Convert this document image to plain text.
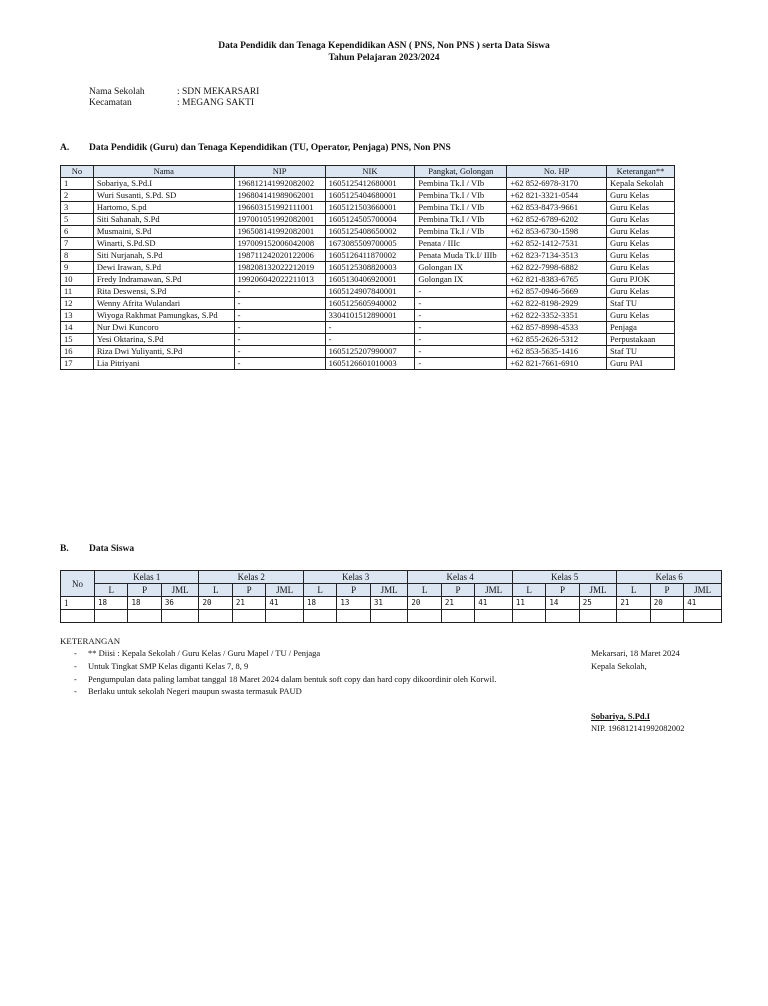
Data Pendidik dan Tenaga Kependidikan ASN ( PNS, Non PNS ) serta Data Siswa
Tahun Pelajaran 2023/2024
Nama Sekolah	: SDN MEKARSARI
Kecamatan	: MEGANG SAKTI
A. Data Pendidik (Guru) dan Tenaga Kependidikan (TU, Operator, Penjaga) PNS, Non PNS
No	Nama	NIP	NIK	Pangkat, Golongan	No. HP	Keterangan**
1	Sobariya, S.Pd.I	196812141992082002	1605125412680001	Pembina Tk.I / VIb	+62 852-6978-3170	Kepala Sekolah
2	Wuri Susanti, S.Pd. SD	196804141989062001	1605125404680001	Pembina Tk.I / VIb	+62 821-3321-0544	Guru Kelas
3	Hartomo, S.pd	196603151992111001	1605121503660001	Pembina Tk.I / VIb	+62 853-8473-9661	Guru Kelas
5	Siti Sahanah, S.Pd	197001051992082001	1605124505700004	Pembina Tk.I / VIb	+62 852-6789-6202	Guru Kelas
6	Musmaini, S.Pd	196508141992082001	1605125408650002	Pembina Tk.I / VIb	+62 853-6730-1598	Guru Kelas
7	Winarti, S.Pd.SD	197009152006042008	1673085509700005	Penata / IIIc	+62 852-1412-7531	Guru Kelas
8	Siti Nurjanah, S.Pd	198711242020122006	1605126411870002	Penata Muda Tk.I/ IIIb	+62 823-7134-3513	Guru Kelas
9	Dewi Irawan, S.Pd	198208132022212019	1605125308820003	Golongan IX	+62 822-7998-6882	Guru Kelas
10	Fredy Indramawan, S.Pd	199206042022211013	1605130406920001	Golongan IX	+62 821-8383-6765	Guru PJOK
11	Rita Deswensi, S.Pd	-	1605124907840001	-	+62 857-0946-5669	Guru Kelas
12	Wenny Afrita Wulandari	-	1605125605940002	-	+62 822-8198-2929	Staf TU
13	Wiyoga Rakhmat Pamungkas, S.Pd	-	3304101512890001	-	+62 822-3352-3351	Guru Kelas
14	Nur Dwi Kuncoro	-	-	-	+62 857-8998-4533	Penjaga
15	Yesi Oktarina, S.Pd	-	-	-	+62 855-2626-5312	Perpustakaan
16	Riza Dwi Yuliyanti, S.Pd	-	1605125207990007	-	+62 853-5635-1416	Staf TU
17	Lia Pitriyani	-	1605126601010003	-	+62 821-7661-6910	Guru PAI
B. Data Siswa
No	Kelas 1			Kelas 2			Kelas 3			Kelas 4			Kelas 5			Kelas 6		
	L	P	JML	L	P	JML	L	P	JML	L	P	JML	L	P	JML	L	P	JML
1	18	18	36	20	21	41	18	13	31	20	21	41	11	14	25	21	20	41

KETERANGAN
- ** Diisi : Kepala Sekolah / Guru Kelas / Guru Mapel / TU / Penjaga
- Untuk Tingkat SMP Kelas diganti Kelas 7, 8, 9
- Pengumpulan data paling lambat tanggal 18 Maret 2024 dalam bentuk soft copy dan hard copy dikoordinir oleh Korwil.
- Berlaku untuk sekolah Negeri maupun swasta termasuk PAUD
Mekarsari, 18 Maret 2024
Kepala Sekolah,
Sobariya, S.Pd.I
NIP. 196812141992082002
